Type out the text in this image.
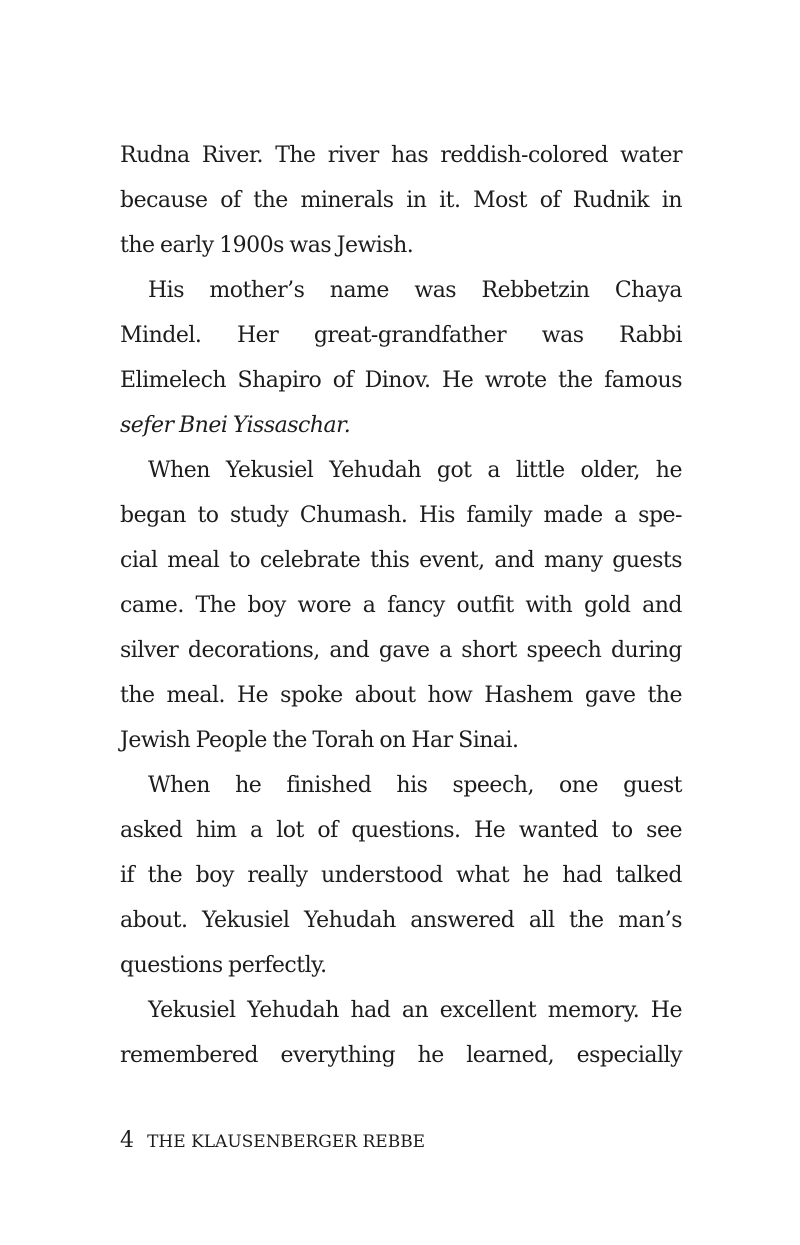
Rudna River. The river has reddish-colored water
because of the minerals in it. Most of Rudnik in
the early 1900s was Jewish.
His mother’s name was Rebbetzin Chaya
Mindel. Her great-grandfather was Rabbi
Elimelech Shapiro of Dinov. He wrote the famous
sefer Bnei Yissaschar.
When Yekusiel Yehudah got a little older, he
began to study Chumash. His family made a spe-
cial meal to celebrate this event, and many guests
came. The boy wore a fancy outfit with gold and
silver decorations, and gave a short speech during
the meal. He spoke about how Hashem gave the
Jewish People the Torah on Har Sinai.
When he finished his speech, one guest
asked him a lot of questions. He wanted to see
if the boy really understood what he had talked
about. Yekusiel Yehudah answered all the man’s
questions perfectly.
Yekusiel Yehudah had an excellent memory. He
remembered everything he learned, especially
4 THE KLAUSENBERGER REBBE
